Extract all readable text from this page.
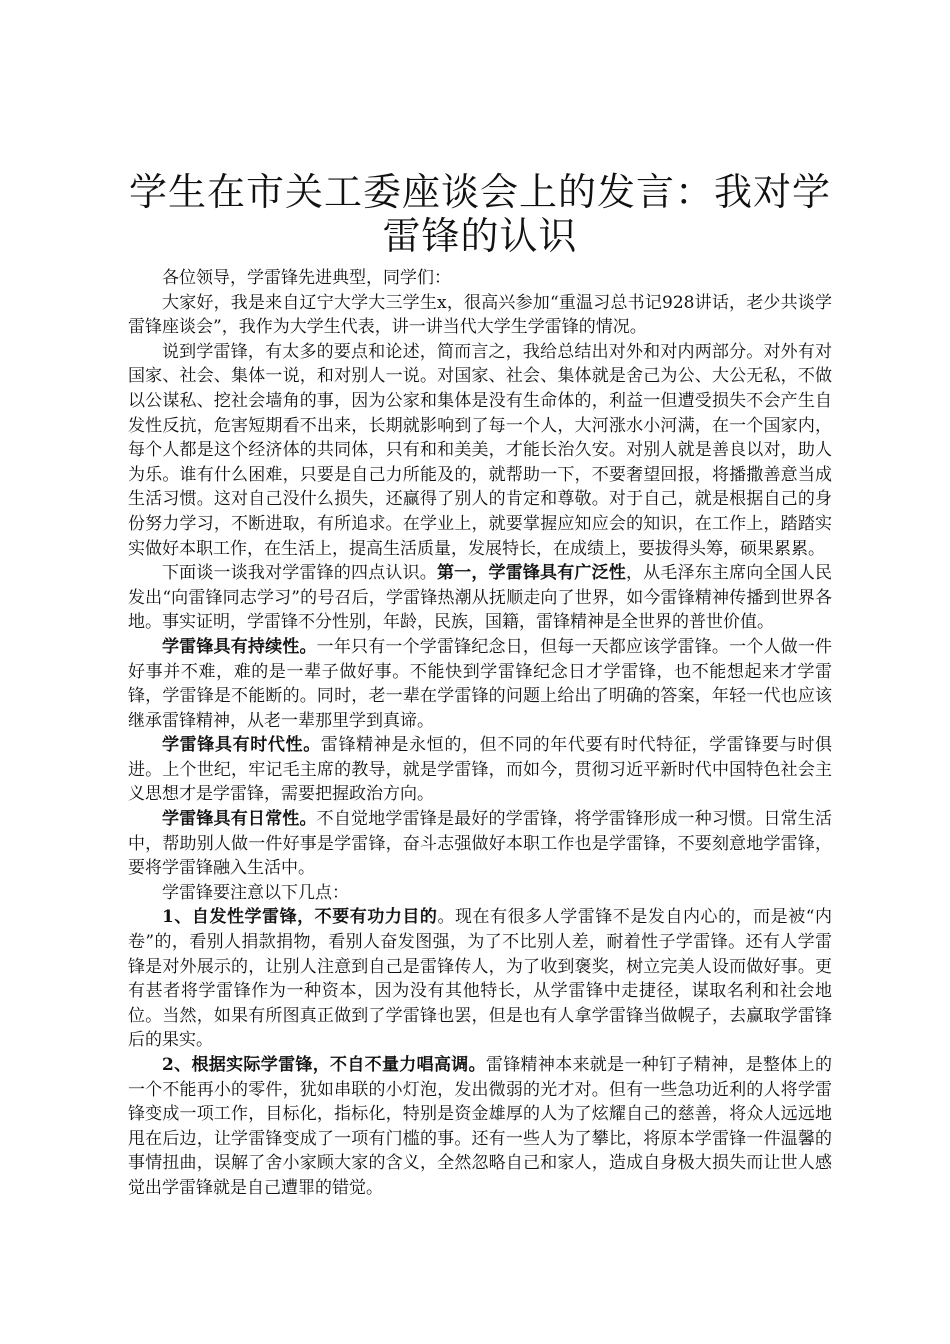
学生在市关工委座谈会上的发言：我对学雷锋的认识

各位领导，学雷锋先进典型，同学们：

大家好，我是来自辽宁大学大三学生x，很高兴参加“重温习总书记928讲话，老少共谈学雷锋座谈会”，我作为大学生代表，讲一讲当代大学生学雷锋的情况。

说到学雷锋，有太多的要点和论述，简而言之，我给总结出对外和对内两部分。对外有对国家、社会、集体一说，和对别人一说。对国家、社会、集体就是舍己为公、大公无私，不做以公谋私、挖社会墙角的事，因为公家和集体是没有生命体的，利益一但遭受损失不会产生自发性反抗，危害短期看不出来，长期就影响到了每一个人，大河涨水小河满，在一个国家内，每个人都是这个经济体的共同体，只有和和美美，才能长治久安。对别人就是善良以对，助人为乐。谁有什么困难，只要是自己力所能及的，就帮助一下，不要奢望回报，将播撒善意当成生活习惯。这对自己没什么损失，还赢得了别人的肯定和尊敬。对于自己，就是根据自己的身份努力学习，不断进取，有所追求。在学业上，就要掌握应知应会的知识，在工作上，踏踏实实做好本职工作，在生活上，提高生活质量，发展特长，在成绩上，要拔得头筹，硕果累累。

下面谈一谈我对学雷锋的四点认识。第一，学雷锋具有广泛性，从毛泽东主席向全国人民发出“向雷锋同志学习”的号召后，学雷锋热潮从抚顺走向了世界，如今雷锋精神传播到世界各地。事实证明，学雷锋不分性别，年龄，民族，国籍，雷锋精神是全世界的普世价值。

学雷锋具有持续性。一年只有一个学雷锋纪念日，但每一天都应该学雷锋。一个人做一件好事并不难，难的是一辈子做好事。不能快到学雷锋纪念日才学雷锋，也不能想起来才学雷锋，学雷锋是不能断的。同时，老一辈在学雷锋的问题上给出了明确的答案，年轻一代也应该继承雷锋精神，从老一辈那里学到真谛。

学雷锋具有时代性。雷锋精神是永恒的，但不同的年代要有时代特征，学雷锋要与时俱进。上个世纪，牢记毛主席的教导，就是学雷锋，而如今，贯彻习近平新时代中国特色社会主义思想才是学雷锋，需要把握政治方向。

学雷锋具有日常性。不自觉地学雷锋是最好的学雷锋，将学雷锋形成一种习惯。日常生活中，帮助别人做一件好事是学雷锋，奋斗志强做好本职工作也是学雷锋，不要刻意地学雷锋，要将学雷锋融入生活中。

学雷锋要注意以下几点：

1、自发性学雷锋，不要有功力目的。现在有很多人学雷锋不是发自内心的，而是被“内卷”的，看别人捐款捐物，看别人奋发图强，为了不比别人差，耐着性子学雷锋。还有人学雷锋是对外展示的，让别人注意到自己是雷锋传人，为了收到褒奖，树立完美人设而做好事。更有甚者将学雷锋作为一种资本，因为没有其他特长，从学雷锋中走捷径，谋取名利和社会地位。当然，如果有所图真正做到了学雷锋也罢，但是也有人拿学雷锋当做幌子，去赢取学雷锋后的果实。

2、根据实际学雷锋，不自不量力唱高调。雷锋精神本来就是一种钉子精神，是整体上的一个不能再小的零件，犹如串联的小灯泡，发出微弱的光才对。但有一些急功近利的人将学雷锋变成一项工作，目标化，指标化，特别是资金雄厚的人为了炫耀自己的慈善，将众人远远地甩在后边，让学雷锋变成了一项有门槛的事。还有一些人为了攀比，将原本学雷锋一件温馨的事情扭曲，误解了舍小家顾大家的含义，全然忽略自己和家人，造成自身极大损失而让世人感觉出学雷锋就是自己遭罪的错觉。
